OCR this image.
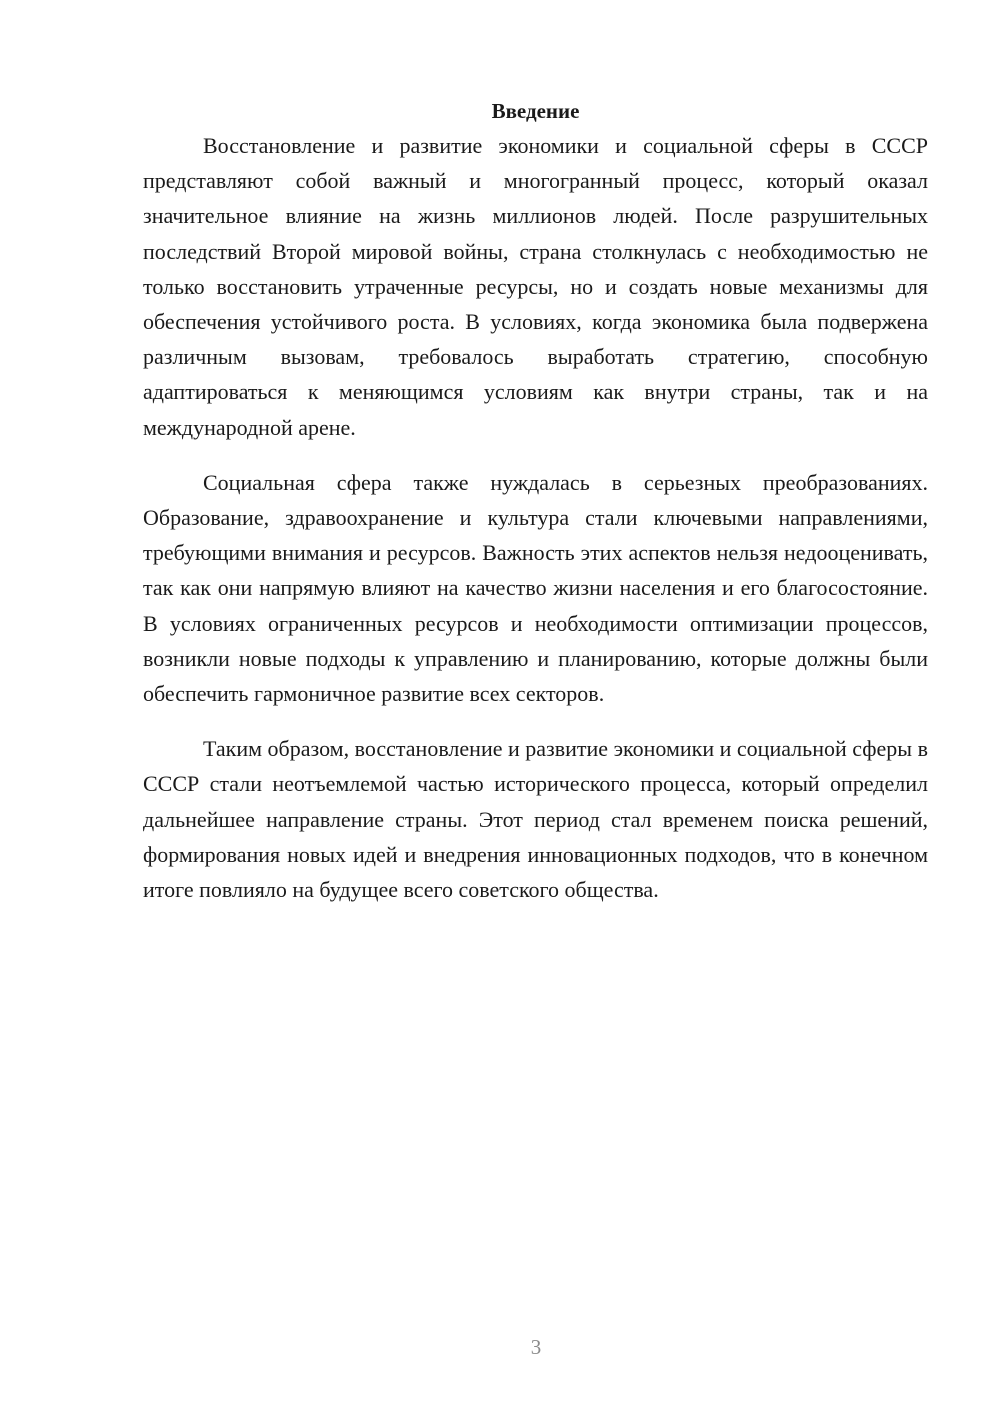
Введение

Восстановление и развитие экономики и социальной сферы в СССР представляют собой важный и многогранный процесс, который оказал значительное влияние на жизнь миллионов людей. После разрушительных последствий Второй мировой войны, страна столкнулась с необходимостью не только восстановить утраченные ресурсы, но и создать новые механизмы для обеспечения устойчивого роста. В условиях, когда экономика была подвержена различным вызовам, требовалось выработать стратегию, способную адаптироваться к меняющимся условиям как внутри страны, так и на международной арене.

Социальная сфера также нуждалась в серьезных преобразованиях. Образование, здравоохранение и культура стали ключевыми направлениями, требующими внимания и ресурсов. Важность этих аспектов нельзя недооценивать, так как они напрямую влияют на качество жизни населения и его благосостояние. В условиях ограниченных ресурсов и необходимости оптимизации процессов, возникли новые подходы к управлению и планированию, которые должны были обеспечить гармоничное развитие всех секторов.

Таким образом, восстановление и развитие экономики и социальной сферы в СССР стали неотъемлемой частью исторического процесса, который определил дальнейшее направление страны. Этот период стал временем поиска решений, формирования новых идей и внедрения инновационных подходов, что в конечном итоге повлияло на будущее всего советского общества.

3
